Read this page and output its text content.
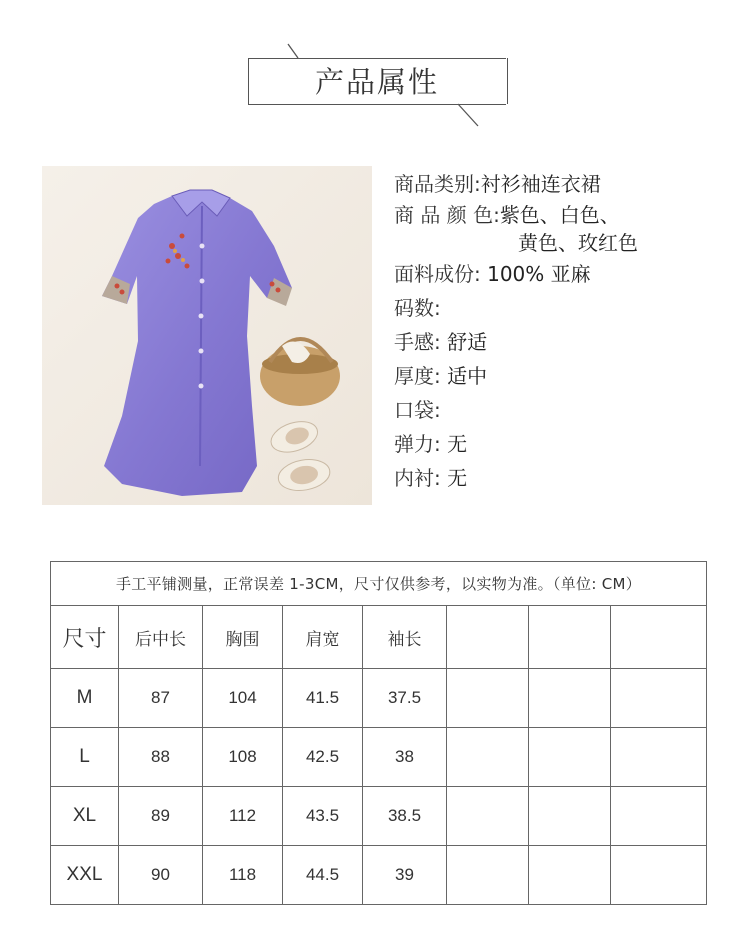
产品属性
商品类别:衬衫袖连衣裙
商 品 颜 色:紫色、白色、
黄色、玫红色
面料成份: 100% 亚麻
码数:
手感: 舒适
厚度: 适中
口袋:
弹力: 无
内衬: 无
手工平铺测量，正常误差 1-3CM，尺寸仅供参考，以实物为准。（单位: CM）							
尺寸	后中长	胸围	肩宽	袖长			
M	87	104	41.5	37.5			
L	88	108	42.5	38			
XL	89	112	43.5	38.5			
XXL	90	118	44.5	39			
